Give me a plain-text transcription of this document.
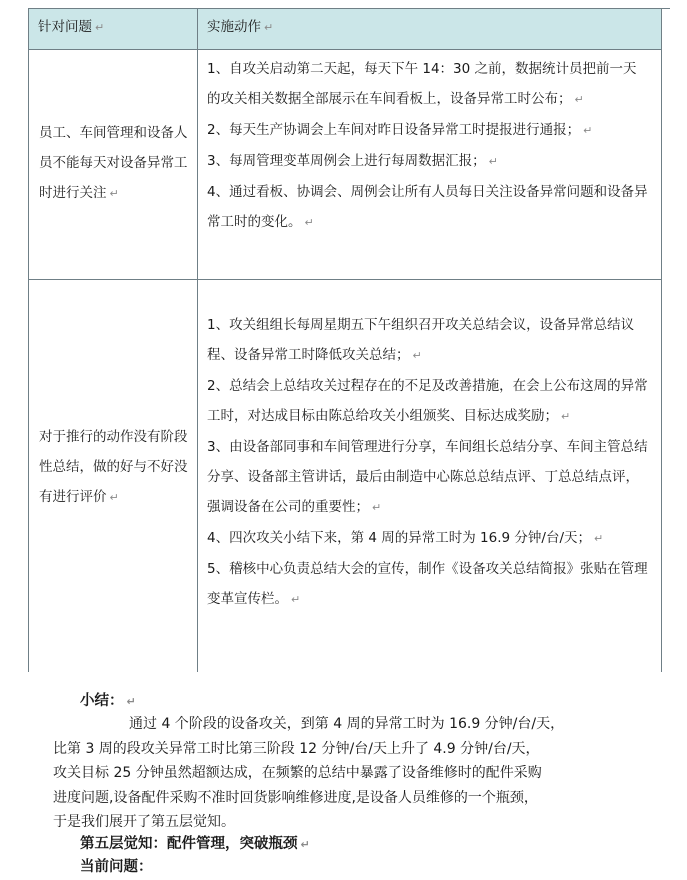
针对问题 ↵	实施动作 ↵
员工、车间管理和设备人员不能每天对设备异常工时进行关注 ↵

1、自攻关启动第二天起，每天下午 14：30 之前，数据统计员把前一天的攻关相关数据全部展示在车间看板上，设备异常工时公布； ↵

2、每天生产协调会上车间对昨日设备异常工时提报进行通报； ↵

3、每周管理变革周例会上进行每周数据汇报； ↵

4、通过看板、协调会、周例会让所有人员每日关注设备异常问题和设备异常工时的变化。 ↵

对于推行的动作没有阶段性总结，做的好与不好没有进行评价 ↵

1、攻关组组长每周星期五下午组织召开攻关总结会议，设备异常总结议程、设备异常工时降低攻关总结； ↵

2、总结会上总结攻关过程存在的不足及改善措施，在会上公布这周的异常工时，对达成目标由陈总给攻关小组颁奖、目标达成奖励； ↵

3、由设备部同事和车间管理进行分享，车间组长总结分享、车间主管总结分享、设备部主管讲话，最后由制造中心陈总总结点评、丁总总结点评，强调设备在公司的重要性； ↵

4、四次攻关小结下来，第 4 周的异常工时为 16.9 分钟/台/天； ↵

5、稽核中心负责总结大会的宣传，制作《设备攻关总结简报》张贴在管理变革宣传栏。 ↵

小结： ↵
通过 4 个阶段的设备攻关，到第 4 周的异常工时为 16.9 分钟/台/天，
比第 3 周的段攻关异常工时比第三阶段 12 分钟/台/天上升了 4.9 分钟/台/天，
攻关目标 25 分钟虽然超额达成，在频繁的总结中暴露了设备维修时的配件采购
进度问题,设备配件采购不准时回货影响维修进度,是设备人员维修的一个瓶颈，
于是我们展开了第五层觉知。
第五层觉知：配件管理，突破瓶颈 ↵
当前问题：
